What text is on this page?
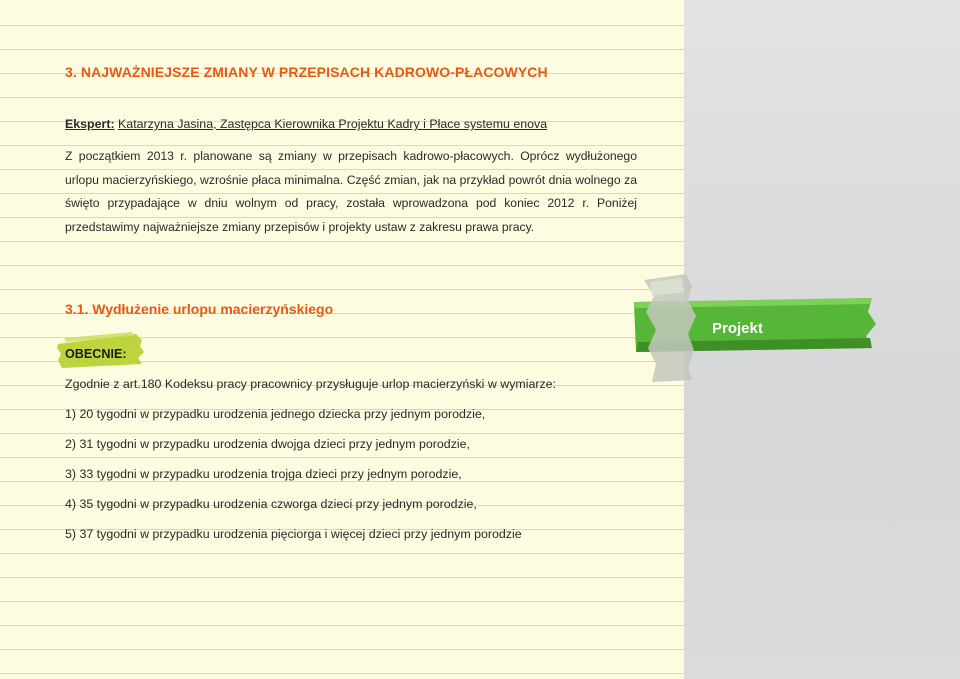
3. NAJWAŻNIEJSZE ZMIANY W PRZEPISACH KADROWO-PŁACOWYCH

Ekspert: Katarzyna Jasina, Zastępca Kierownika Projektu Kadry i Płace systemu enova

Z początkiem 2013 r. planowane są zmiany w przepisach kadrowo-płacowych. Oprócz wydłużonego urlopu macierzyńskiego, wzrośnie płaca minimalna. Część zmian, jak na przykład powrót dnia wolnego za święto przypadające w dniu wolnym od pracy, została wprowadzona pod koniec 2012 r. Poniżej przedstawimy najważniejsze zmiany przepisów i projekty ustaw z zakresu prawa pracy.

3.1. Wydłużenie urlopu macierzyńskiego

OBECNIE:

Projekt

Zgodnie z art.180 Kodeksu pracy pracownicy przysługuje urlop macierzyński w wymiarze:

1) 20 tygodni w przypadku urodzenia jednego dziecka przy jednym porodzie,

2) 31 tygodni w przypadku urodzenia dwojga dzieci przy jednym porodzie,

3) 33 tygodni w przypadku urodzenia trojga dzieci przy jednym porodzie,

4) 35 tygodni w przypadku urodzenia czworga dzieci przy jednym porodzie,

5) 37 tygodni w przypadku urodzenia pięciorga i więcej dzieci przy jednym porodzie
